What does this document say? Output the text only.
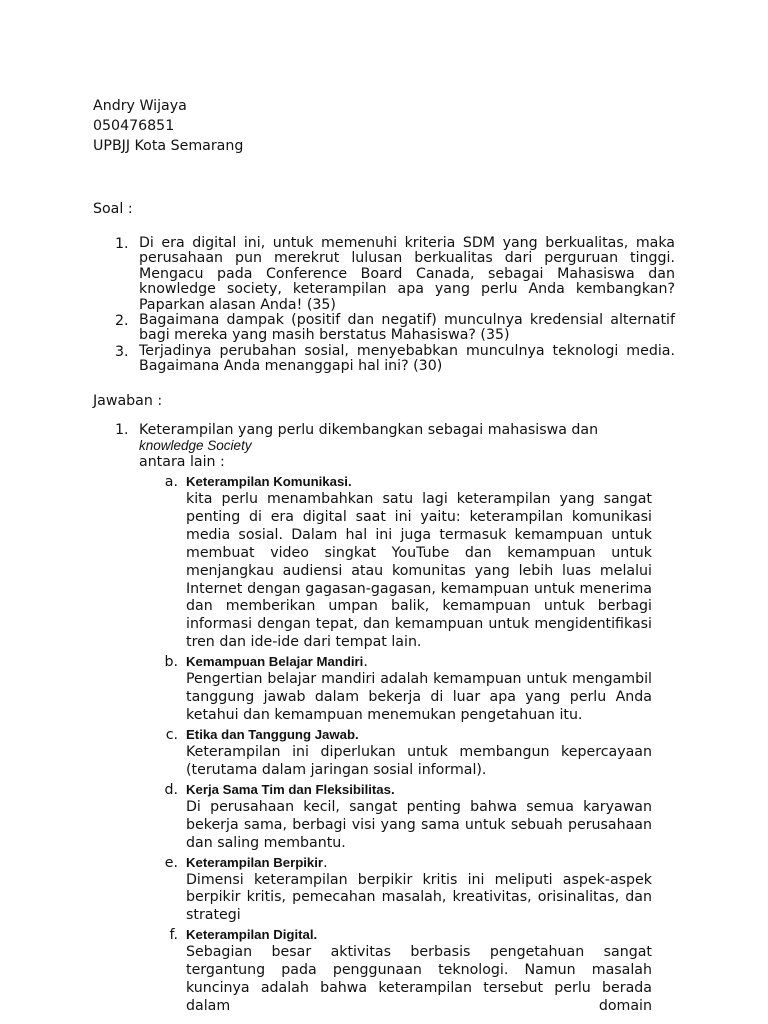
Andry Wijaya
050476851
UPBJJ Kota Semarang
Soal :
1. Di era digital ini, untuk memenuhi kriteria SDM yang berkualitas, maka perusahaan pun merekrut lulusan berkualitas dari perguruan tinggi. Mengacu pada Conference Board Canada, sebagai Mahasiswa dan knowledge society, keterampilan apa yang perlu Anda kembangkan? Paparkan alasan Anda! (35)
2. Bagaimana dampak (positif dan negatif) munculnya kredensial alternatif bagi mereka yang masih berstatus Mahasiswa? (35)
3. Terjadinya perubahan sosial, menyebabkan munculnya teknologi media. Bagaimana Anda menanggapi hal ini? (30)
Jawaban :
1. Keterampilan yang perlu dikembangkan sebagai mahasiswa dan
knowledge Society
antara lain :
a. Keterampilan Komunikasi.
kita perlu menambahkan satu lagi keterampilan yang sangat penting di era digital saat ini yaitu: keterampilan komunikasi media sosial. Dalam hal ini juga termasuk kemampuan untuk membuat video singkat YouTube dan kemampuan untuk menjangkau audiensi atau komunitas yang lebih luas melalui Internet dengan gagasan-gagasan, kemampuan untuk menerima dan memberikan umpan balik, kemampuan untuk berbagi informasi dengan tepat, dan kemampuan untuk mengidentifikasi tren dan ide-ide dari tempat lain.
b. Kemampuan Belajar Mandiri.
Pengertian belajar mandiri adalah kemampuan untuk mengambil tanggung jawab dalam bekerja di luar apa yang perlu Anda ketahui dan kemampuan menemukan pengetahuan itu.
c. Etika dan Tanggung Jawab.
Keterampilan ini diperlukan untuk membangun kepercayaan (terutama dalam jaringan sosial informal).
d. Kerja Sama Tim dan Fleksibilitas.
Di perusahaan kecil, sangat penting bahwa semua karyawan bekerja sama, berbagi visi yang sama untuk sebuah perusahaan dan saling membantu.
e. Keterampilan Berpikir.
Dimensi keterampilan berpikir kritis ini meliputi aspek-aspek berpikir kritis, pemecahan masalah, kreativitas, orisinalitas, dan strategi
f. Keterampilan Digital.
Sebagian besar aktivitas berbasis pengetahuan sangat tergantung pada penggunaan teknologi. Namun masalah kuncinya adalah bahwa keterampilan tersebut perlu berada dalam domain
